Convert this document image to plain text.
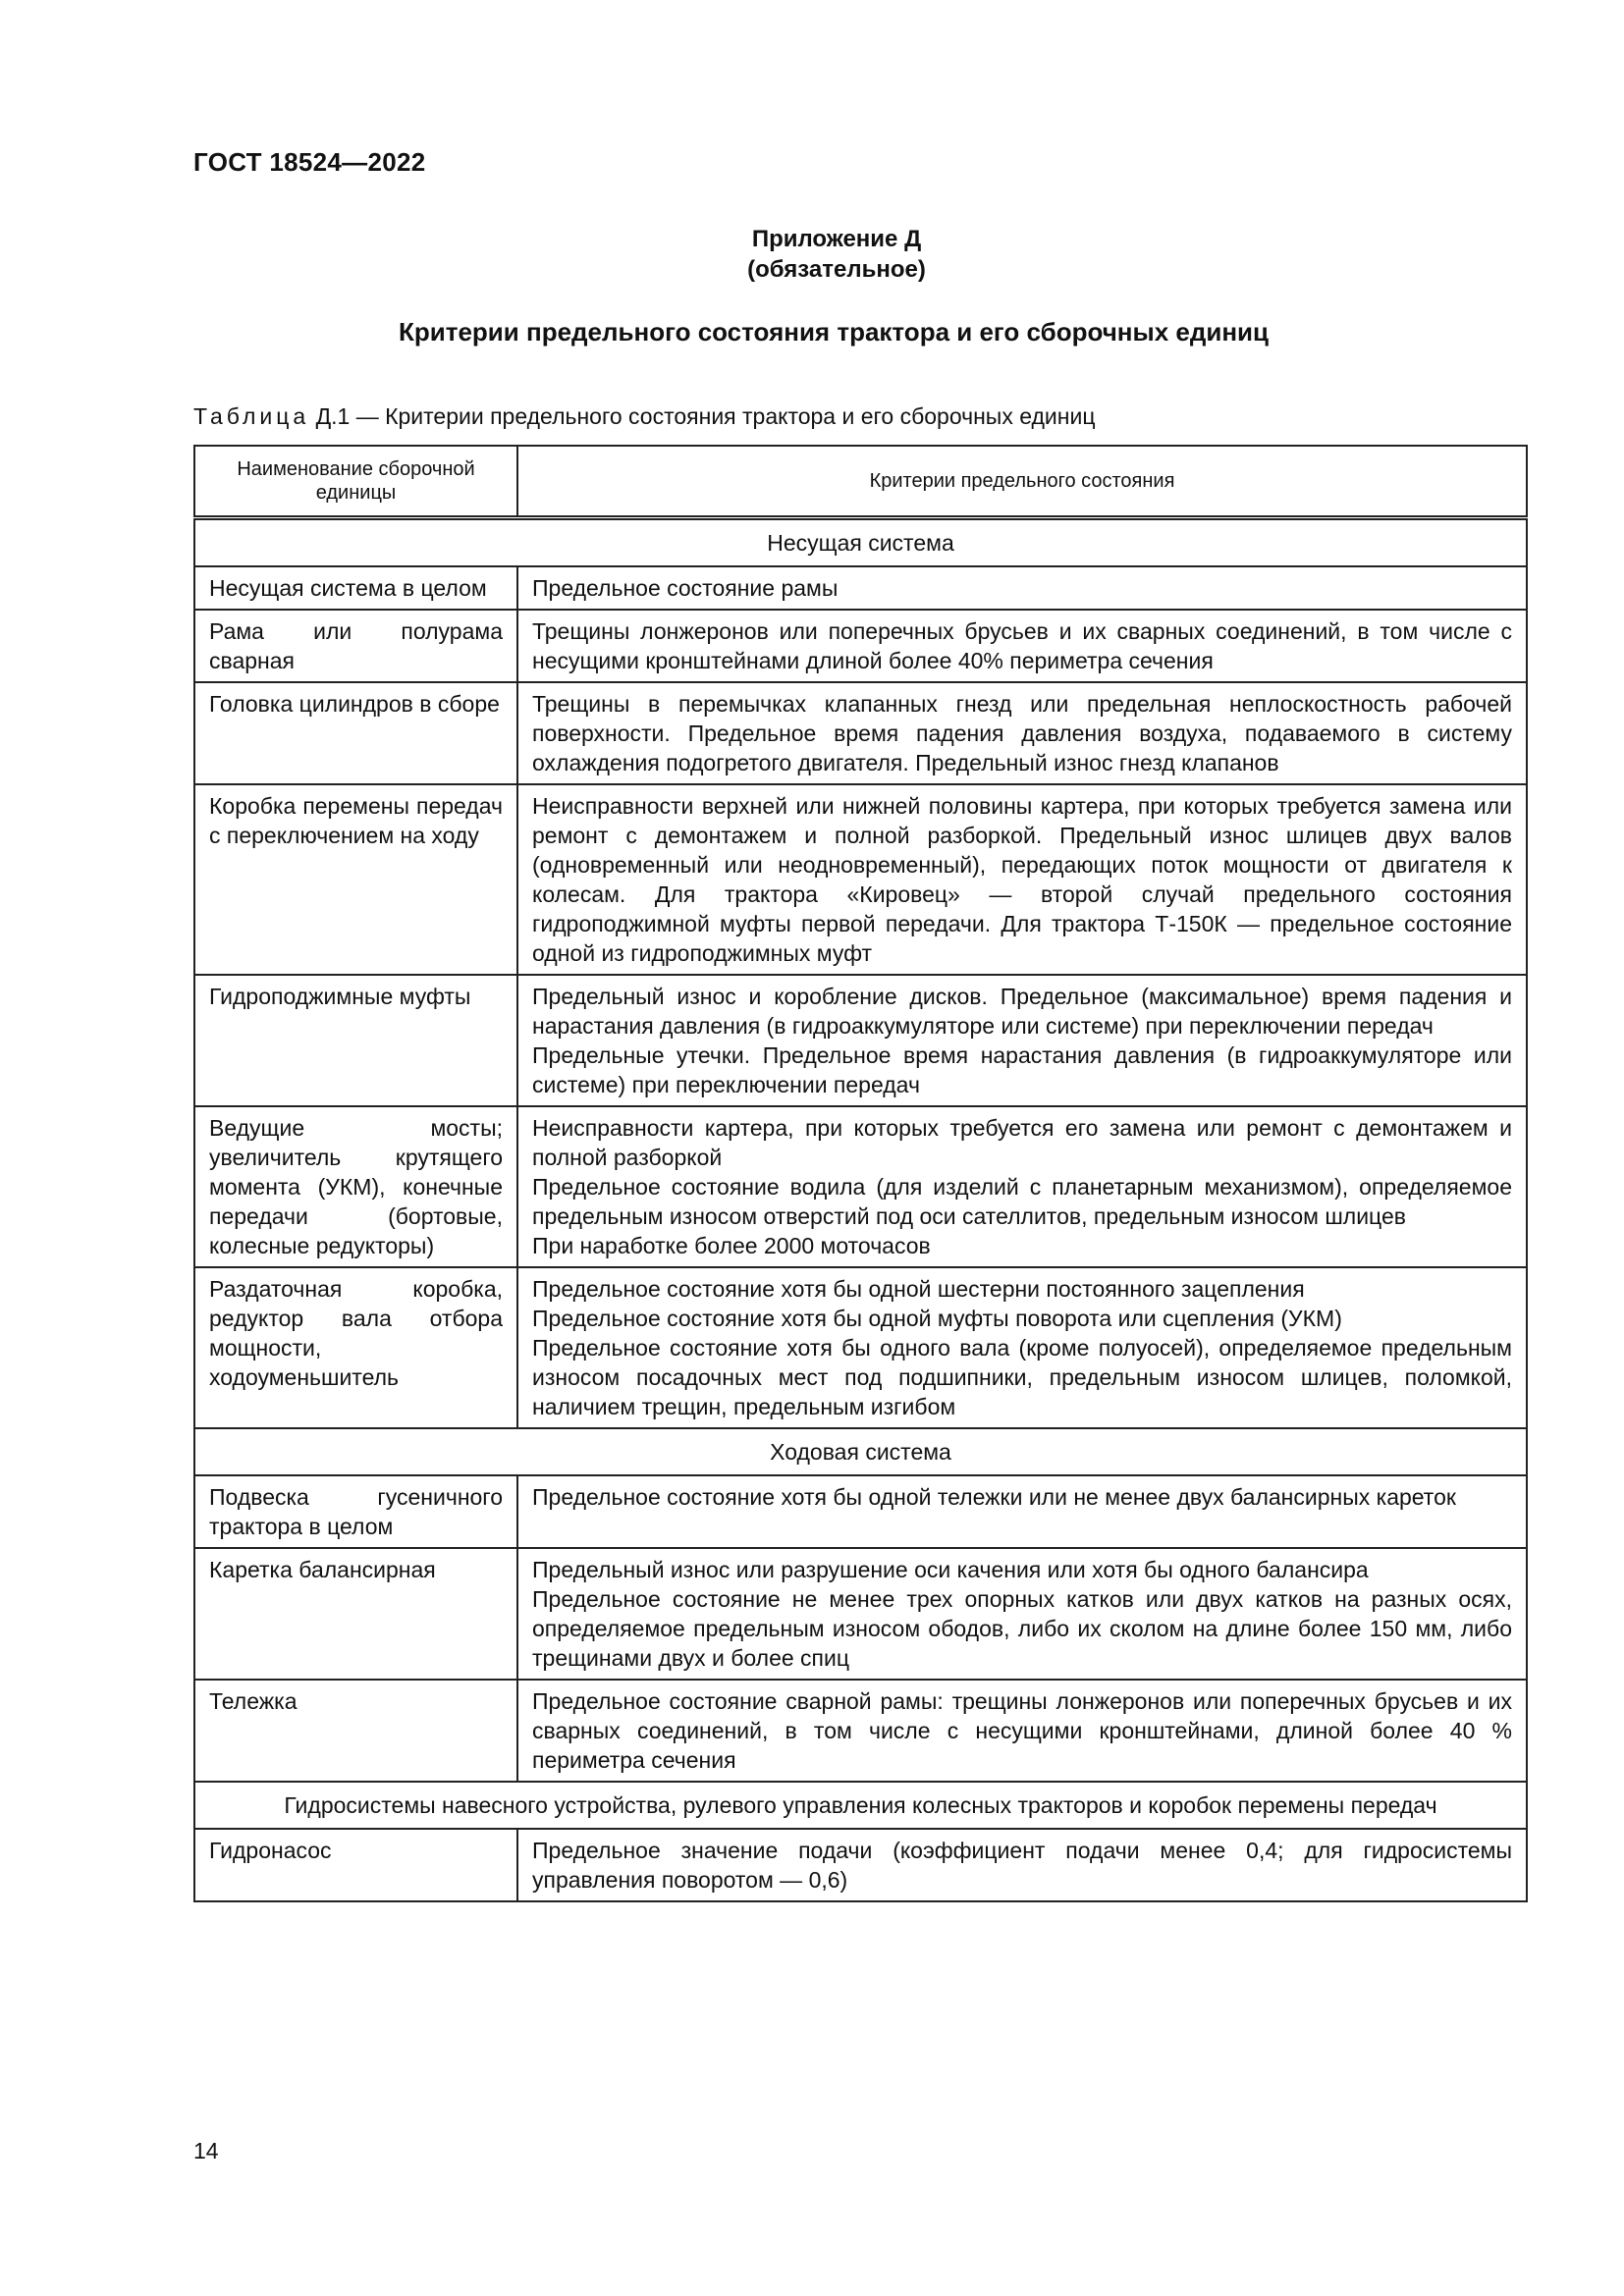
ГОСТ 18524—2022
Приложение Д
(обязательное)
Критерии предельного состояния трактора и его сборочных единиц
Таблица Д.1 — Критерии предельного состояния трактора и его сборочных единиц
Наименование сборочной единицы	Критерии предельного состояния
Несущая система	
Несущая система в целом	Предельное состояние рамы

Рама или полурама сварная	Трещины лонжеронов или поперечных брусьев и их сварных соединений, в том числе с несущими кронштейнами длиной более 40% периметра сечения

Головка цилиндров в сборе	Трещины в перемычках клапанных гнезд или предельная неплоскостность рабочей поверхности. Предельное время падения давления воздуха, подаваемого в систему охлаждения подогретого двигателя. Предельный износ гнезд клапанов

Коробка перемены передач с переключением на ходу	Неисправности верхней или нижней половины картера, при которых требуется замена или ремонт с демонтажем и полной разборкой. Предельный износ шлицев двух валов (одновременный или неодновременный), передающих поток мощности от двигателя к колесам. Для трактора «Кировец» — второй случай предельного состояния гидроподжимной муфты первой передачи. Для трактора Т-150К — предельное состояние одной из гидроподжимных муфт

Гидроподжимные муфты	Предельный износ и коробление дисков. Предельное (максимальное) время падения и нарастания давления (в гидроаккумуляторе или системе) при переключении передач
Предельные утечки. Предельное время нарастания давления (в гидроаккумуляторе или системе) при переключении передач

Ведущие мосты; увеличитель крутящего момента (УКМ), конечные передачи (бортовые, колесные редукторы)	Неисправности картера, при которых требуется его замена или ремонт с демонтажем и полной разборкой
Предельное состояние водила (для изделий с планетарным механизмом), определяемое предельным износом отверстий под оси сателлитов, предельным износом шлицев
При наработке более 2000 моточасов

Раздаточная коробка, редуктор вала отбора мощности, ходоуменьшитель	Предельное состояние хотя бы одной шестерни постоянного зацепления
Предельное состояние хотя бы одной муфты поворота или сцепления (УКМ)
Предельное состояние хотя бы одного вала (кроме полуосей), определяемое предельным износом посадочных мест под подшипники, предельным износом шлицев, поломкой, наличием трещин, предельным изгибом

Ходовая система	
Подвеска гусеничного трактора в целом	Предельное состояние хотя бы одной тележки или не менее двух балансирных кареток

Каретка балансирная	Предельный износ или разрушение оси качения или хотя бы одного балансира
Предельное состояние не менее трех опорных катков или двух катков на разных осях, определяемое предельным износом ободов, либо их сколом на длине более 150 мм, либо трещинами двух и более спиц

Тележка	Предельное состояние сварной рамы: трещины лонжеронов или поперечных брусьев и их сварных соединений, в том числе с несущими кронштейнами, длиной более 40 % периметра сечения

Гидросистемы навесного устройства, рулевого управления колесных тракторов и коробок перемены передач	
Гидронасос	Предельное значение подачи (коэффициент подачи менее 0,4; для гидросистемы управления поворотом — 0,6)
14
